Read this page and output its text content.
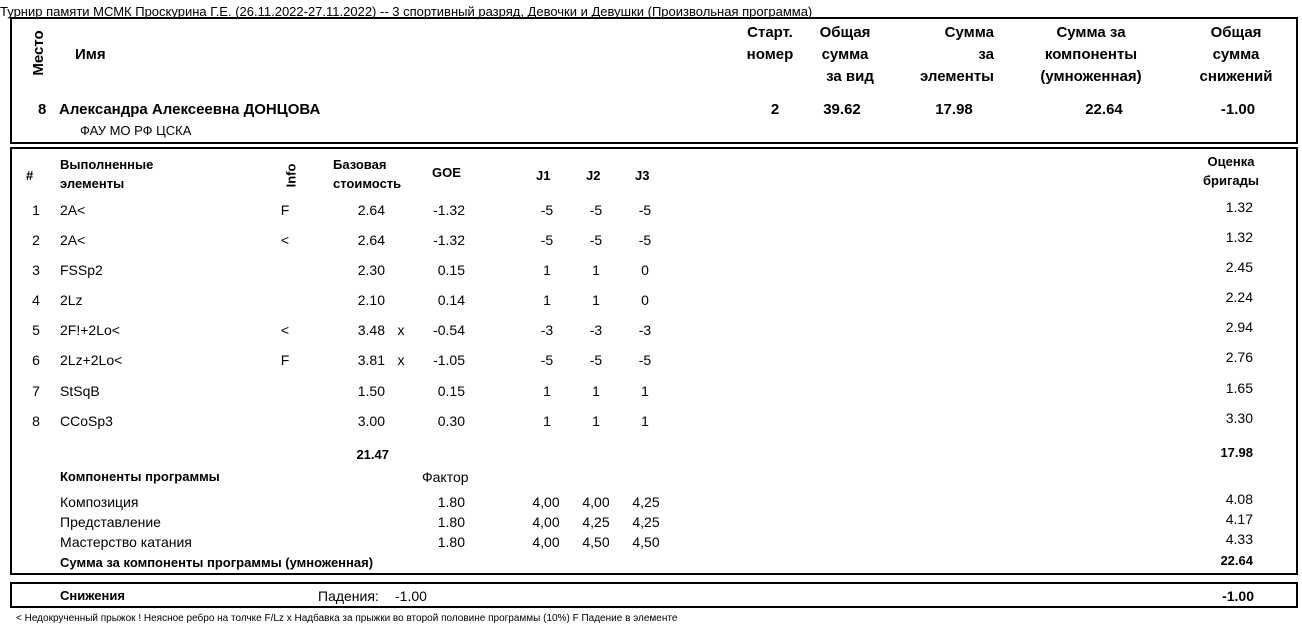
Турнир памяти МСМК Проскурина Г.Е. (26.11.2022-27.11.2022) -- 3 спортивный разряд, Девочки и Девушки (Произвольная программа)
Место Имя
Старт.
номер
Общая
сумма
за вид
Сумма
за
элементы
Сумма за
компоненты
(умноженная)
Общая
сумма
снижений
8 Александра Алексеевна ДОНЦОВА
ФАУ МО РФ ЦСКА
2	39.62	17.98	22.64	-1.00
#
Выполненные
элементы	Info	Базовая
стоимость
GOE	J1	J2	J3
Оценка
бригады
1 2A<	F	2.64	-1.32	-5	-5	-5	1.32
2 2A<	<	2.64	-1.32	-5	-5	-5	1.32
3 FSSp2	2.30	0.15	1	1	0	2.45
4 2Lz	2.10	0.14	1	1	0	2.24
5 2F!+2Lo<	<	3.48 x	-0.54	-3	-3	-3	2.94
6 2Lz+2Lo<	F	3.81 x	-1.05	-5	-5	-5	2.76
7 StSqB	1.50	0.15	1	1	1	1.65
8 CCoSp3	3.00	0.30	1	1	1	3.30
21.47	17.98
Компоненты программы	Фактор
Композиция	1.80	4,00 4,00 4,25	4.08
Представление	1.80	4,00 4,25 4,25	4.17
Мастерство катания	1.80	4,00 4,50 4,50	4.33
Сумма за компоненты программы (умноженная)	22.64
Снижения	Падения: -1.00	-1.00
< Недокрученный прыжок ! Неясное ребро на толчке F/Lz x Надбавка за прыжки во второй половине программы (10%) F Падение в элементе
